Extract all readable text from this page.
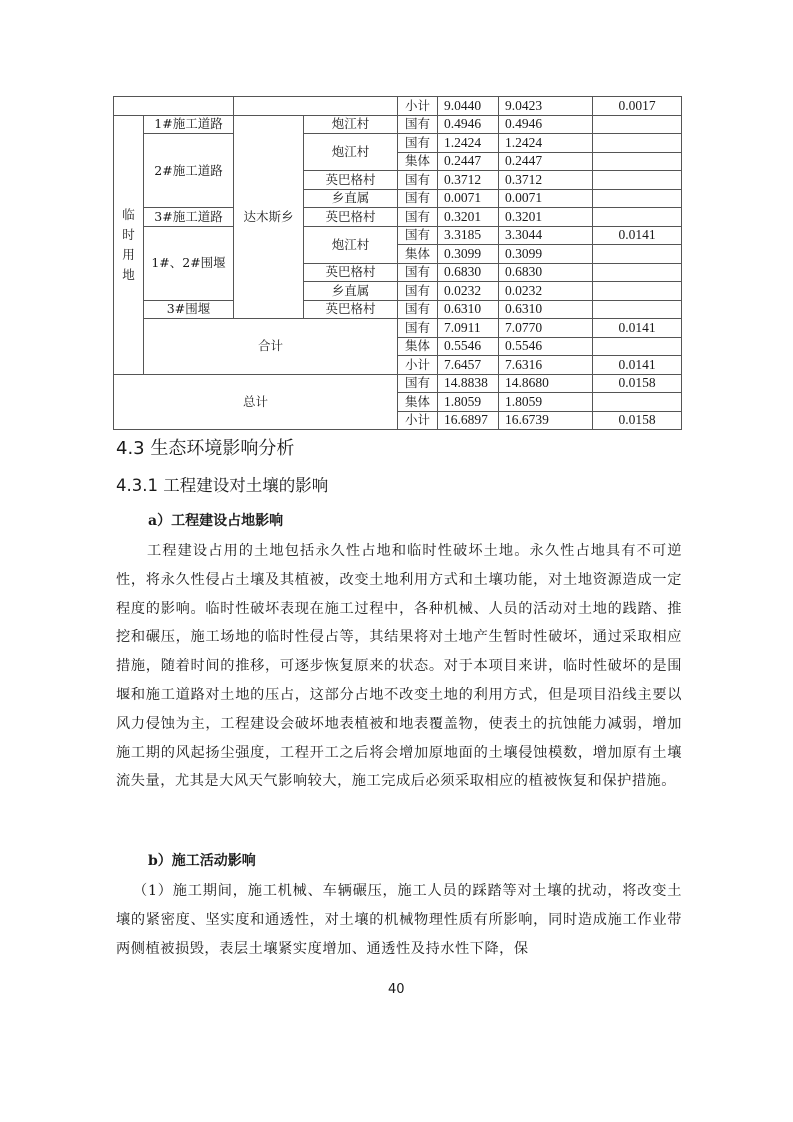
				小计	9.0440	9.0423	0.0017

临时用地	1#施工道路	达木斯乡	炮江村	国有	0.4946	0.4946	
	2#施工道路		炮江村	国有	1.2424	1.2424	
				集体	0.2447	0.2447	
			英巴格村	国有	0.3712	0.3712	
			乡直属	国有	0.0071	0.0071	
	3#施工道路		英巴格村	国有	0.3201	0.3201	
	1#、2#围堰		炮江村	国有	3.3185	3.3044	0.0141
				集体	0.3099	0.3099	
			英巴格村	国有	0.6830	0.6830	
			乡直属	国有	0.0232	0.0232	
	3#围堰		英巴格村	国有	0.6310	0.6310	
	合计			国有	7.0911	7.0770	0.0141
				集体	0.5546	0.5546	
				小计	7.6457	7.6316	0.0141
总计				国有	14.8838	14.8680	0.0158
				集体	1.8059	1.8059	
				小计	16.6897	16.6739	0.0158
4.3 生态环境影响分析
4.3.1 工程建设对土壤的影响
a）工程建设占地影响

工程建设占用的土地包括永久性占地和临时性破坏土地。永久性占地具有不可逆性，将永久性侵占土壤及其植被，改变土地利用方式和土壤功能，对土地资源造成一定程度的影响。临时性破坏表现在施工过程中，各种机械、人员的活动对土地的践踏、推挖和碾压，施工场地的临时性侵占等，其结果将对土地产生暂时性破坏，通过采取相应措施，随着时间的推移，可逐步恢复原来的状态。对于本项目来讲，临时性破坏的是围堰和施工道路对土地的压占，这部分占地不改变土地的利用方式，但是项目沿线主要以风力侵蚀为主，工程建设会破坏地表植被和地表覆盖物，使表土的抗蚀能力减弱，增加施工期的风起扬尘强度，工程开工之后将会增加原地面的土壤侵蚀模数，增加原有土壤流失量，尤其是大风天气影响较大，施工完成后必须采取相应的植被恢复和保护措施。

b）施工活动影响

（1）施工期间，施工机械、车辆碾压，施工人员的踩踏等对土壤的扰动，将改变土壤的紧密度、坚实度和通透性，对土壤的机械物理性质有所影响，同时造成施工作业带两侧植被损毁，表层土壤紧实度增加、通透性及持水性下降，保

40
